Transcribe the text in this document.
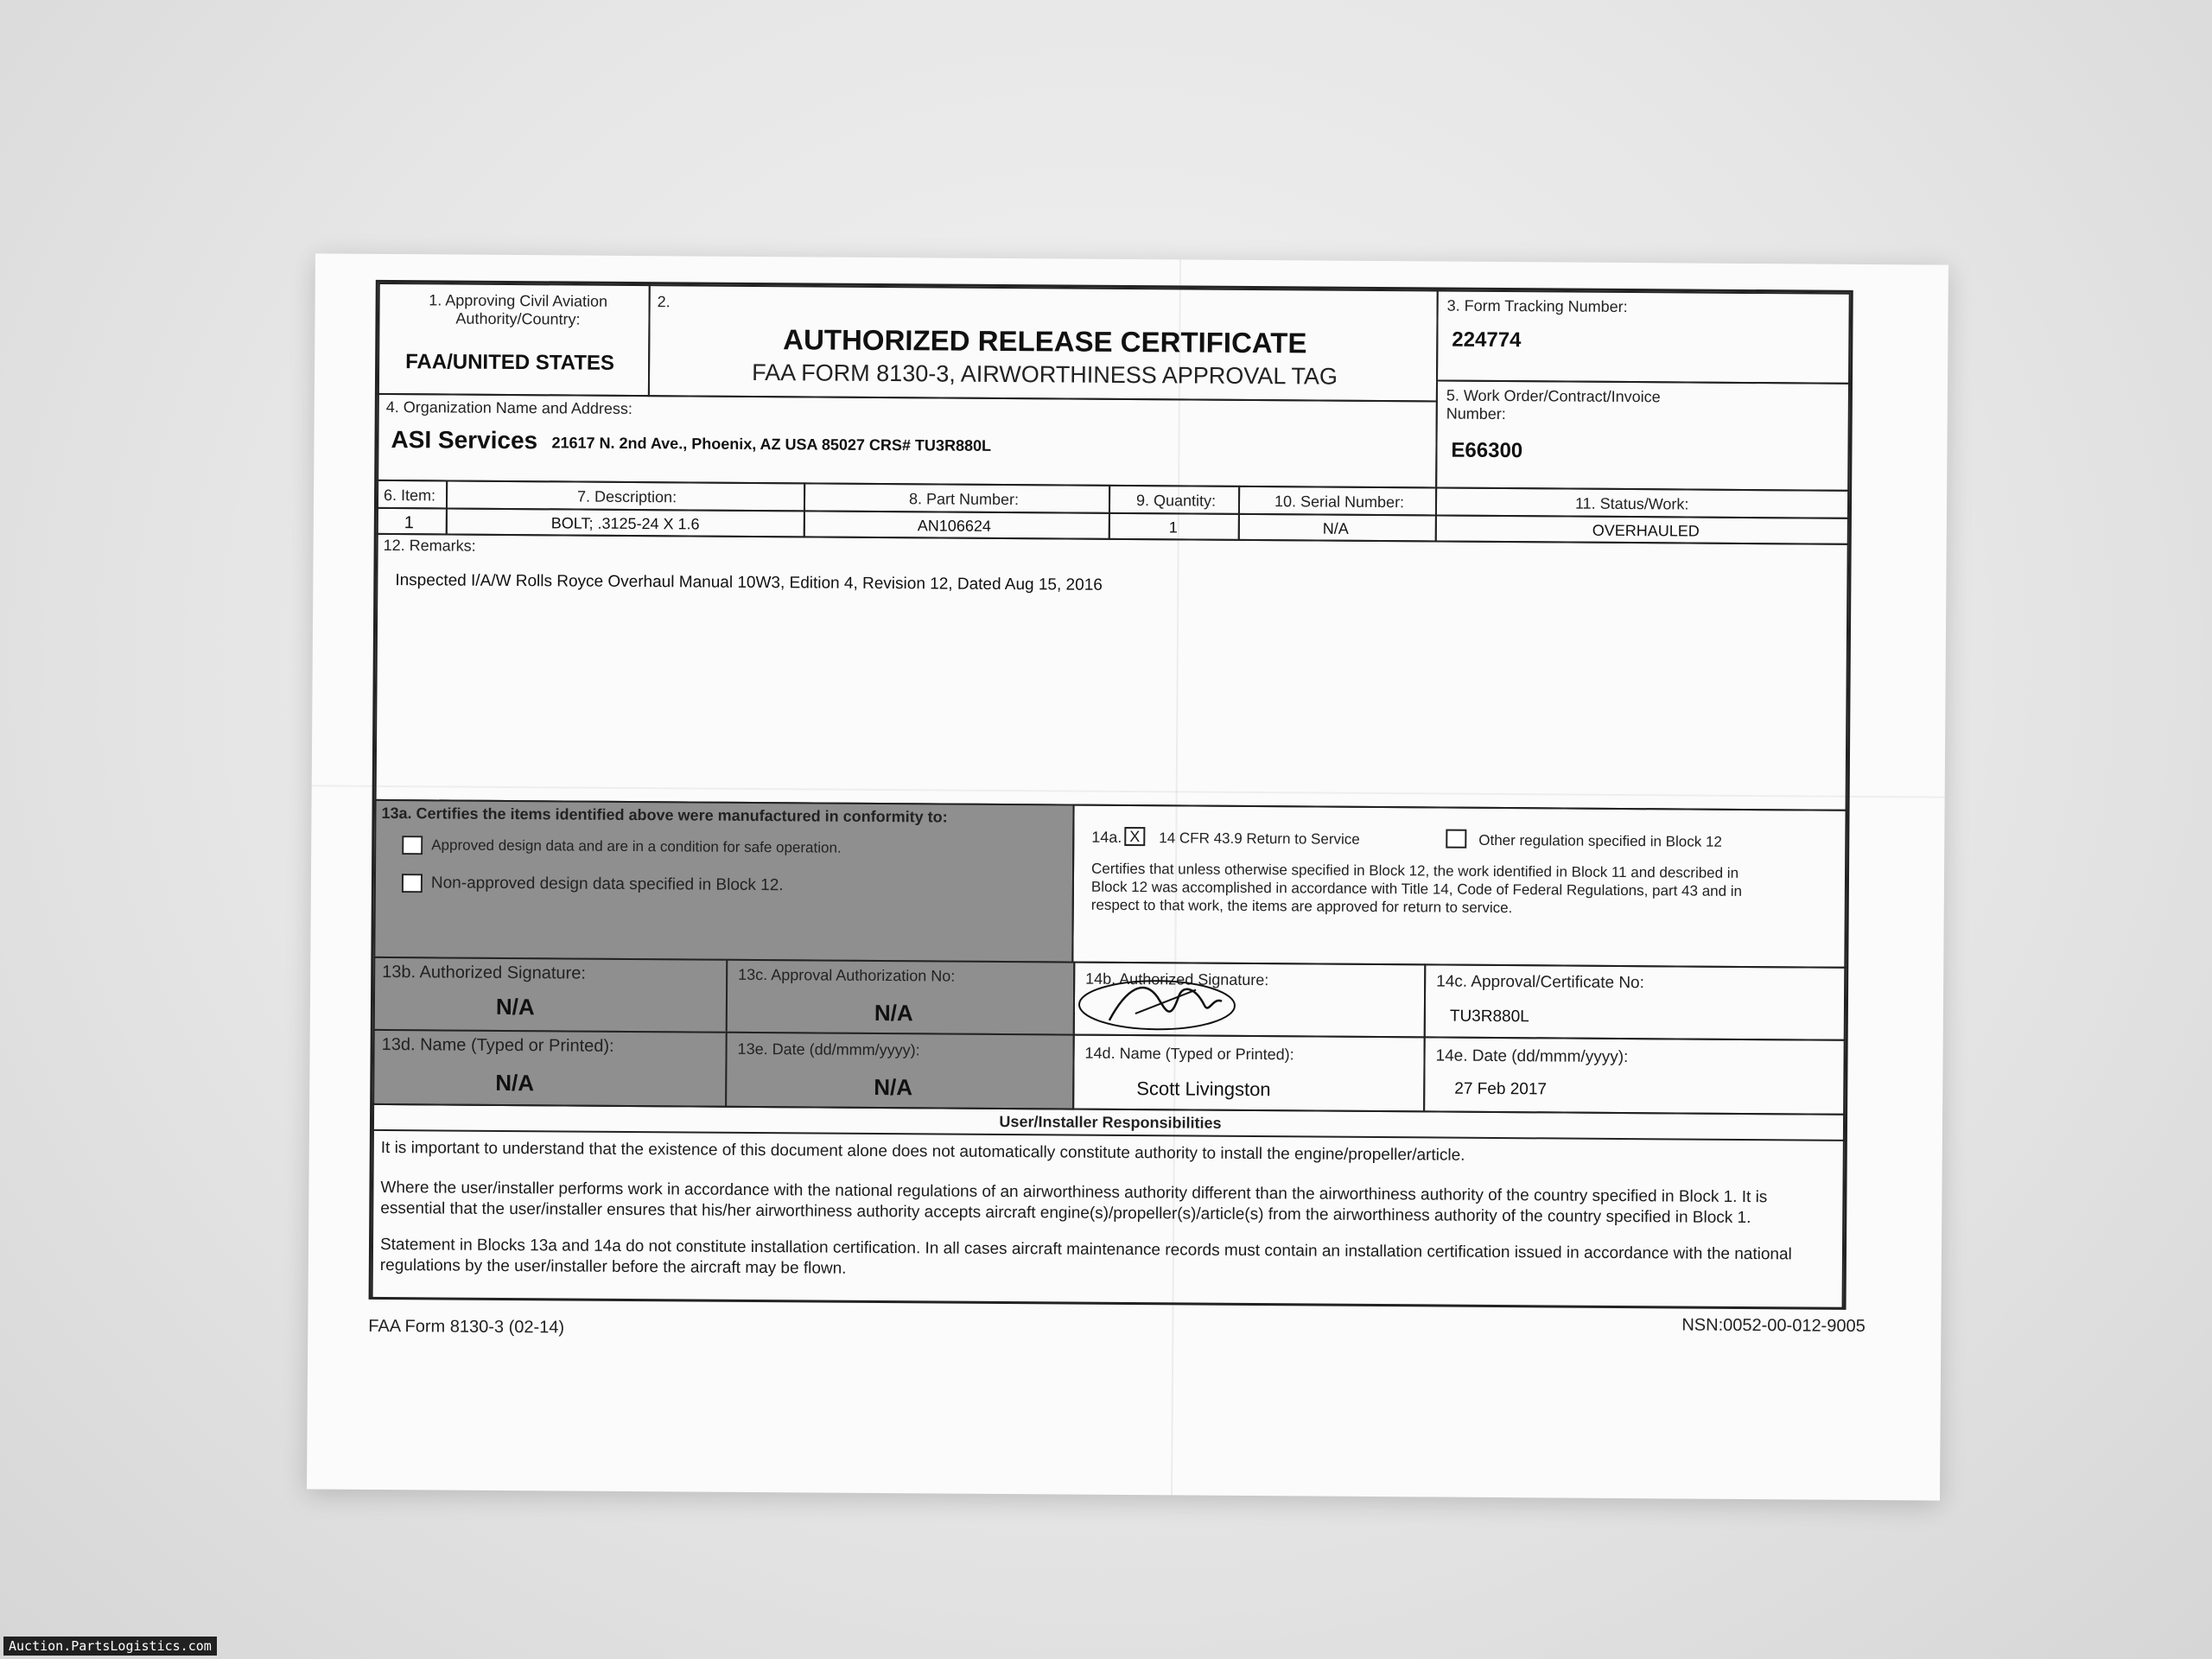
1. Approving Civil Aviation Authority/Country:
FAA/UNITED STATES
2.
AUTHORIZED RELEASE CERTIFICATE
FAA FORM 8130-3, AIRWORTHINESS APPROVAL TAG
3. Form Tracking Number:
224774
4. Organization Name and Address:
ASI Services 21617 N. 2nd Ave., Phoenix, AZ USA 85027 CRS# TU3R880L
5. Work Order/Contract/Invoice Number:
E66300
6. Item:	7. Description:	8. Part Number:	9. Quantity:	10. Serial Number:	11. Status/Work:
1	BOLT; .3125-24 X 1.6	AN106624	1	N/A	OVERHAULED
12. Remarks:
Inspected I/A/W Rolls Royce Overhaul Manual 10W3, Edition 4, Revision 12, Dated Aug 15, 2016
13a. Certifies the items identified above were manufactured in conformity to:
Approved design data and are in a condition for safe operation.
Non-approved design data specified in Block 12.
14a. X	14 CFR 43.9 Return to Service	Other regulation specified in Block 12
Certifies that unless otherwise specified in Block 12, the work identified in Block 11 and described in Block 12 was accomplished in accordance with Title 14, Code of Federal Regulations, part 43 and in respect to that work, the items are approved for return to service.
13b. Authorized Signature:
N/A
13c. Approval Authorization No:
N/A
14b. Authorized Signature:	14c. Approval/Certificate No:
TU3R880L
13d. Name (Typed or Printed):
N/A
13e. Date (dd/mmm/yyyy):
N/A
14d. Name (Typed or Printed):
Scott Livingston
14e. Date (dd/mmm/yyyy):
27 Feb 2017
User/Installer Responsibilities
It is important to understand that the existence of this document alone does not automatically constitute authority to install the engine/propeller/article.
Where the user/installer performs work in accordance with the national regulations of an airworthiness authority different than the airworthiness authority of the country specified in Block 1. It is essential that the user/installer ensures that his/her airworthiness authority accepts aircraft engine(s)/propeller(s)/article(s) from the airworthiness authority of the country specified in Block 1.
Statement in Blocks 13a and 14a do not constitute installation certification. In all cases aircraft maintenance records must contain an installation certification issued in accordance with the national regulations by the user/installer before the aircraft may be flown.
FAA Form 8130-3 (02-14)	NSN:0052-00-012-9005
Auction.PartsLogistics.com
